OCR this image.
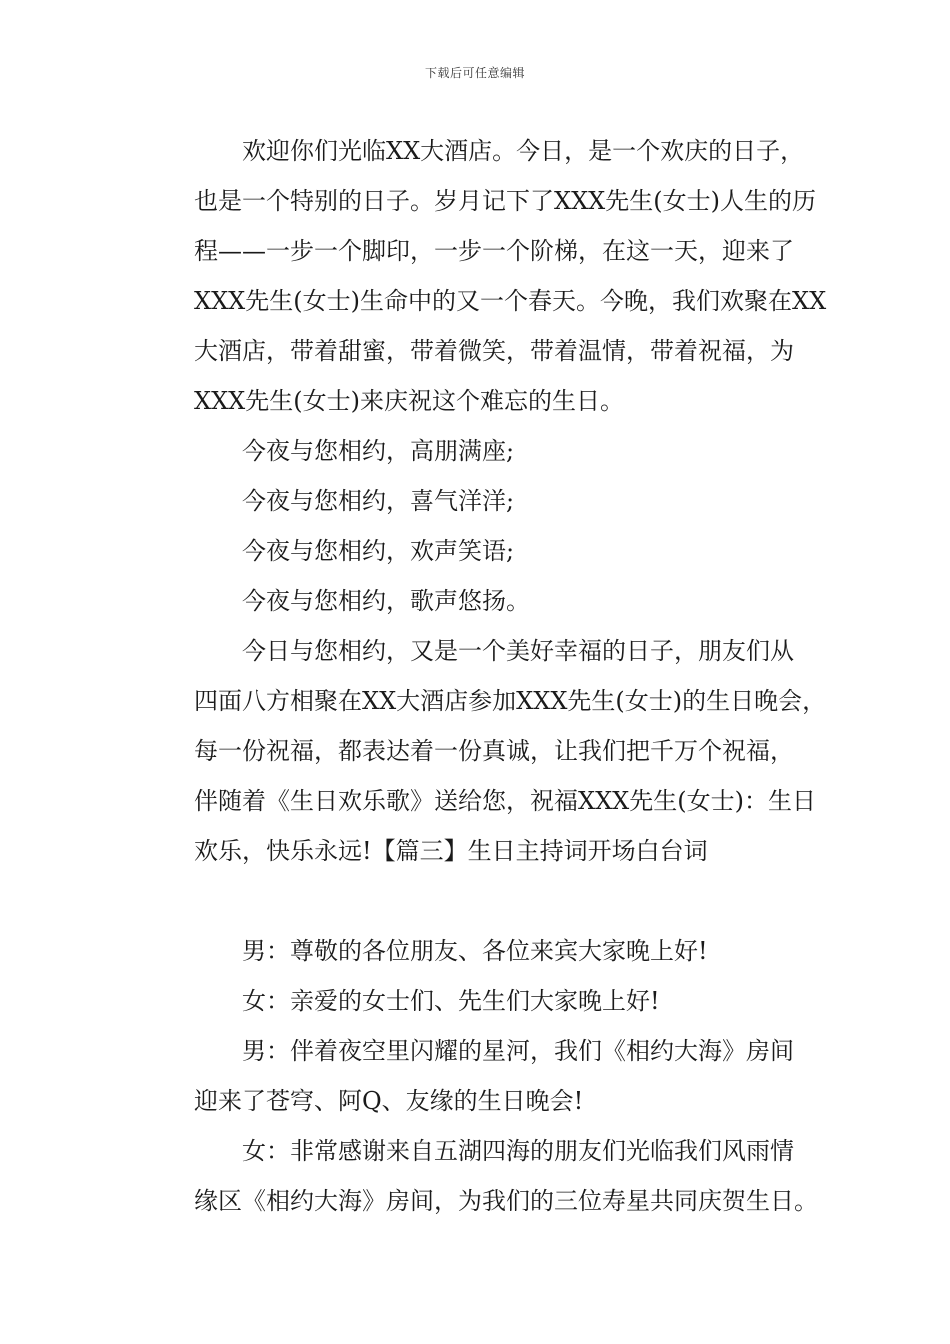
下载后可任意编辑
欢迎你们光临XX大酒店。今日，是一个欢庆的日子，
也是一个特别的日子。岁月记下了XXX先生(女士)人生的历
程——一步一个脚印，一步一个阶梯，在这一天，迎来了
XXX先生(女士)生命中的又一个春天。今晚，我们欢聚在XX
大酒店，带着甜蜜，带着微笑，带着温情，带着祝福，为
XXX先生(女士)来庆祝这个难忘的生日。
今夜与您相约，高朋满座;
今夜与您相约，喜气洋洋;
今夜与您相约，欢声笑语;
今夜与您相约，歌声悠扬。
今日与您相约，又是一个美好幸福的日子，朋友们从
四面八方相聚在XX大酒店参加XXX先生(女士)的生日晚会，
每一份祝福，都表达着一份真诚，让我们把千万个祝福，
伴随着《生日欢乐歌》送给您，祝福XXX先生(女士)：生日
欢乐，快乐永远!【篇三】生日主持词开场白台词
男：尊敬的各位朋友、各位来宾大家晚上好!
女：亲爱的女士们、先生们大家晚上好!
男：伴着夜空里闪耀的星河，我们《相约大海》房间
迎来了苍穹、阿Q、友缘的生日晚会!
女：非常感谢来自五湖四海的朋友们光临我们风雨情
缘区《相约大海》房间，为我们的三位寿星共同庆贺生日。
